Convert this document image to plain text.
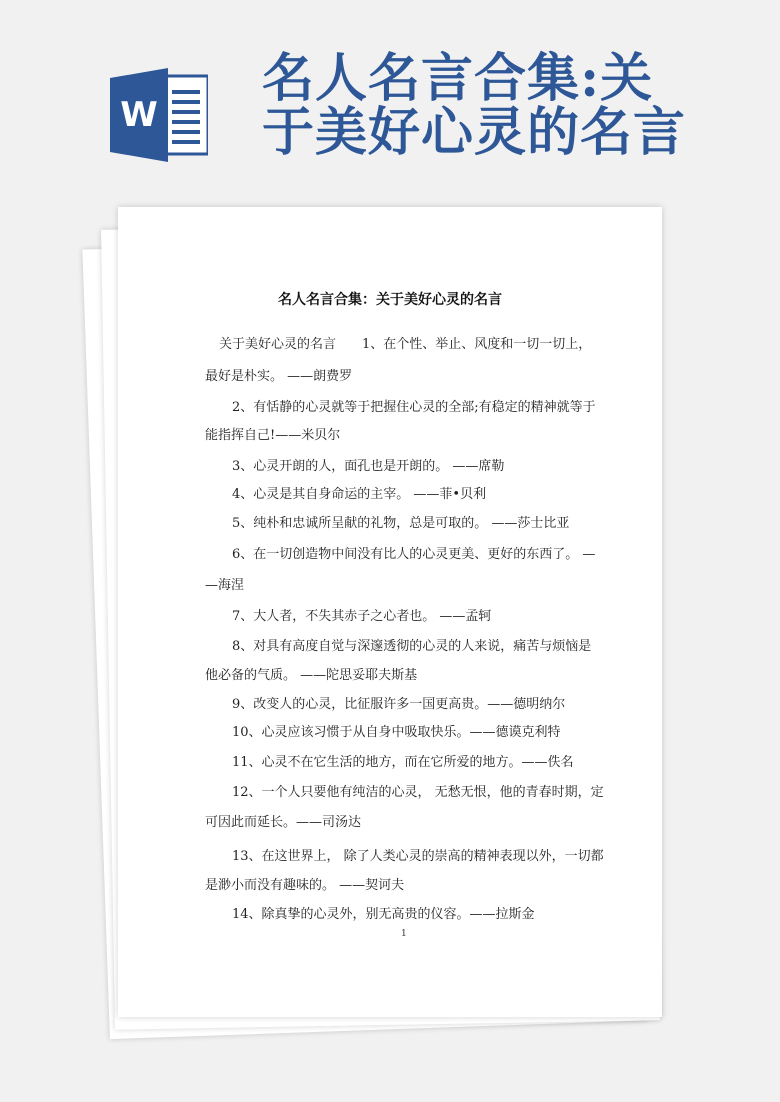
W
名人名言合集:关
于美好心灵的名言
名人名言合集：关于美好心灵的名言
关于美好心灵的名言　　1、在个性、举止、风度和一切一切上，
最好是朴实。 ——朗费罗
2、有恬静的心灵就等于把握住心灵的全部;有稳定的精神就等于
能指挥自己!——米贝尔
3、心灵开朗的人，面孔也是开朗的。 ——席勒
4、心灵是其自身命运的主宰。 ——菲•贝利
5、纯朴和忠诚所呈献的礼物，总是可取的。 ——莎士比亚
6、在一切创造物中间没有比人的心灵更美、更好的东西了。 —
—海涅
7、大人者，不失其赤子之心者也。 ——孟轲
8、对具有高度自觉与深邃透彻的心灵的人来说，痛苦与烦恼是
他必备的气质。 ——陀思妥耶夫斯基
9、改变人的心灵，比征服许多一国更高贵。——德明纳尔
10、心灵应该习惯于从自身中吸取快乐。——德谟克利特
11、心灵不在它生活的地方，而在它所爱的地方。——佚名
12、一个人只要他有纯洁的心灵， 无愁无恨，他的青春时期，定
可因此而延长。——司汤达
13、在这世界上， 除了人类心灵的崇高的精神表现以外，一切都
是渺小而没有趣味的。 ——契诃夫
14、除真挚的心灵外，别无高贵的仪容。——拉斯金
1
